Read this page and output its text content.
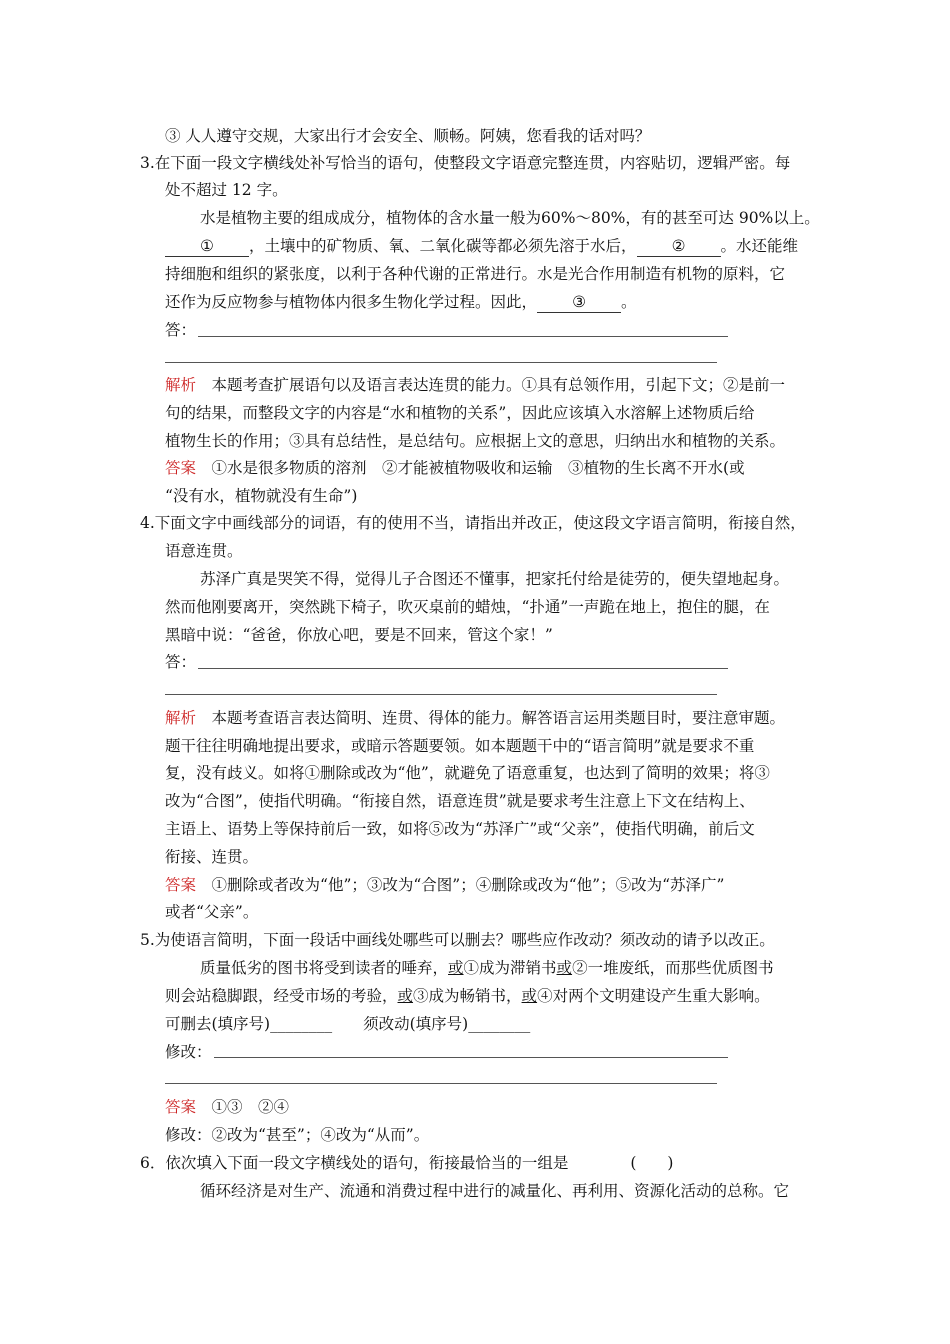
③ 人人遵守交规，大家出行才会安全、顺畅。阿姨，您看我的话对吗？
3.在下面一段文字横线处补写恰当的语句，使整段文字语意完整连贯，内容贴切，逻辑严密。每
处不超过 12 字。
水是植物主要的组成成分，植物体的含水量一般为60%～80%，有的甚至可达 90%以上。
① ，土壤中的矿物质、氧、二氧化碳等都必须先溶于水后， ② 。水还能维
持细胞和组织的紧张度，以利于各种代谢的正常进行。水是光合作用制造有机物的原料，它
还作为反应物参与植物体内很多生物化学过程。因此， ③ 。
答：
解析　 本题考查扩展语句以及语言表达连贯的能力。①具有总领作用，引起下文；②是前一
句的结果，而整段文字的内容是“水和植物的关系”，因此应该填入水溶解上述物质后给
植物生长的作用；③具有总结性，是总结句。应根据上文的意思，归纳出水和植物的关系。
答案　 ①水是很多物质的溶剂　②才能被植物吸收和运输　③植物的生长离不开水(或
“没有水，植物就没有生命”)
4.下面文字中画线部分的词语，有的使用不当，请指出并改正，使这段文字语言简明，衔接自然，
语意连贯。
苏泽广真是哭笑不得，觉得儿子合图还不懂事，把家托付给是徒劳的，便失望地起身。
然而他刚要离开，突然跳下椅子，吹灭桌前的蜡烛，“扑通”一声跪在地上，抱住的腿，在
黑暗中说：“爸爸，你放心吧，要是不回来，管这个家！”
答：
解析　 本题考查语言表达简明、连贯、得体的能力。解答语言运用类题目时，要注意审题。
题干往往明确地提出要求，或暗示答题要领。如本题题干中的“语言简明”就是要求不重
复，没有歧义。如将①删除或改为“他”，就避免了语意重复，也达到了简明的效果；将③
改为“合图”，使指代明确。“衔接自然，语意连贯”就是要求考生注意上下文在结构上、
主语上、语势上等保持前后一致，如将⑤改为“苏泽广”或“父亲”，使指代明确，前后文
衔接、连贯。
答案　 ①删除或者改为“他”；③改为“合图”；④删除或改为“他”；⑤改为“苏泽广”
或者“父亲”。
5.为使语言简明，下面一段话中画线处哪些可以删去？哪些应作改动？须改动的请予以改正。
质量低劣的图书将受到读者的唾弃，或①成为滞销书或②一堆废纸，而那些优质图书
则会站稳脚跟，经受市场的考验，或③成为畅销书，或④对两个文明建设产生重大影响。
可删去(填序号)________　　 须改动(填序号)________
修改：
答案　 ①③　②④
修改：②改为“甚至”；④改为“从而”。
6．依次填入下面一段文字横线处的语句，衔接最恰当的一组是	(　　)
循环经济是对生产、流通和消费过程中进行的减量化、再利用、资源化活动的总称。它
